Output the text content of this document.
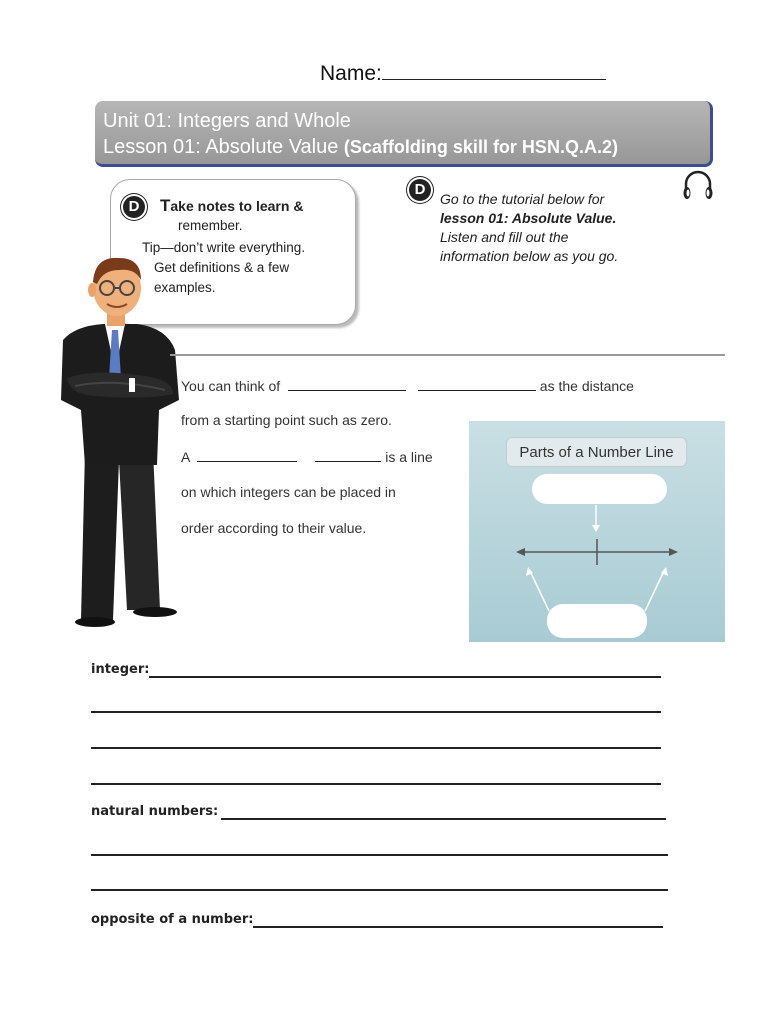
Name:
Unit 01: Integers and Whole
Lesson 01: Absolute Value (Scaffolding skill for HSN.Q.A.2)
D	Take notes to learn &
remember.
Tip—don’t write everything.
Get definitions & a few
examples.
D
Go to the tutorial below for
lesson 01: Absolute Value.
Listen and fill out the
information below as you go.
You can think of	as the distance
from a starting point such as zero.
A	is a line
on which integers can be placed in
order according to their value.
Parts of a Number Line
integer:
natural numbers:
opposite of a number:
